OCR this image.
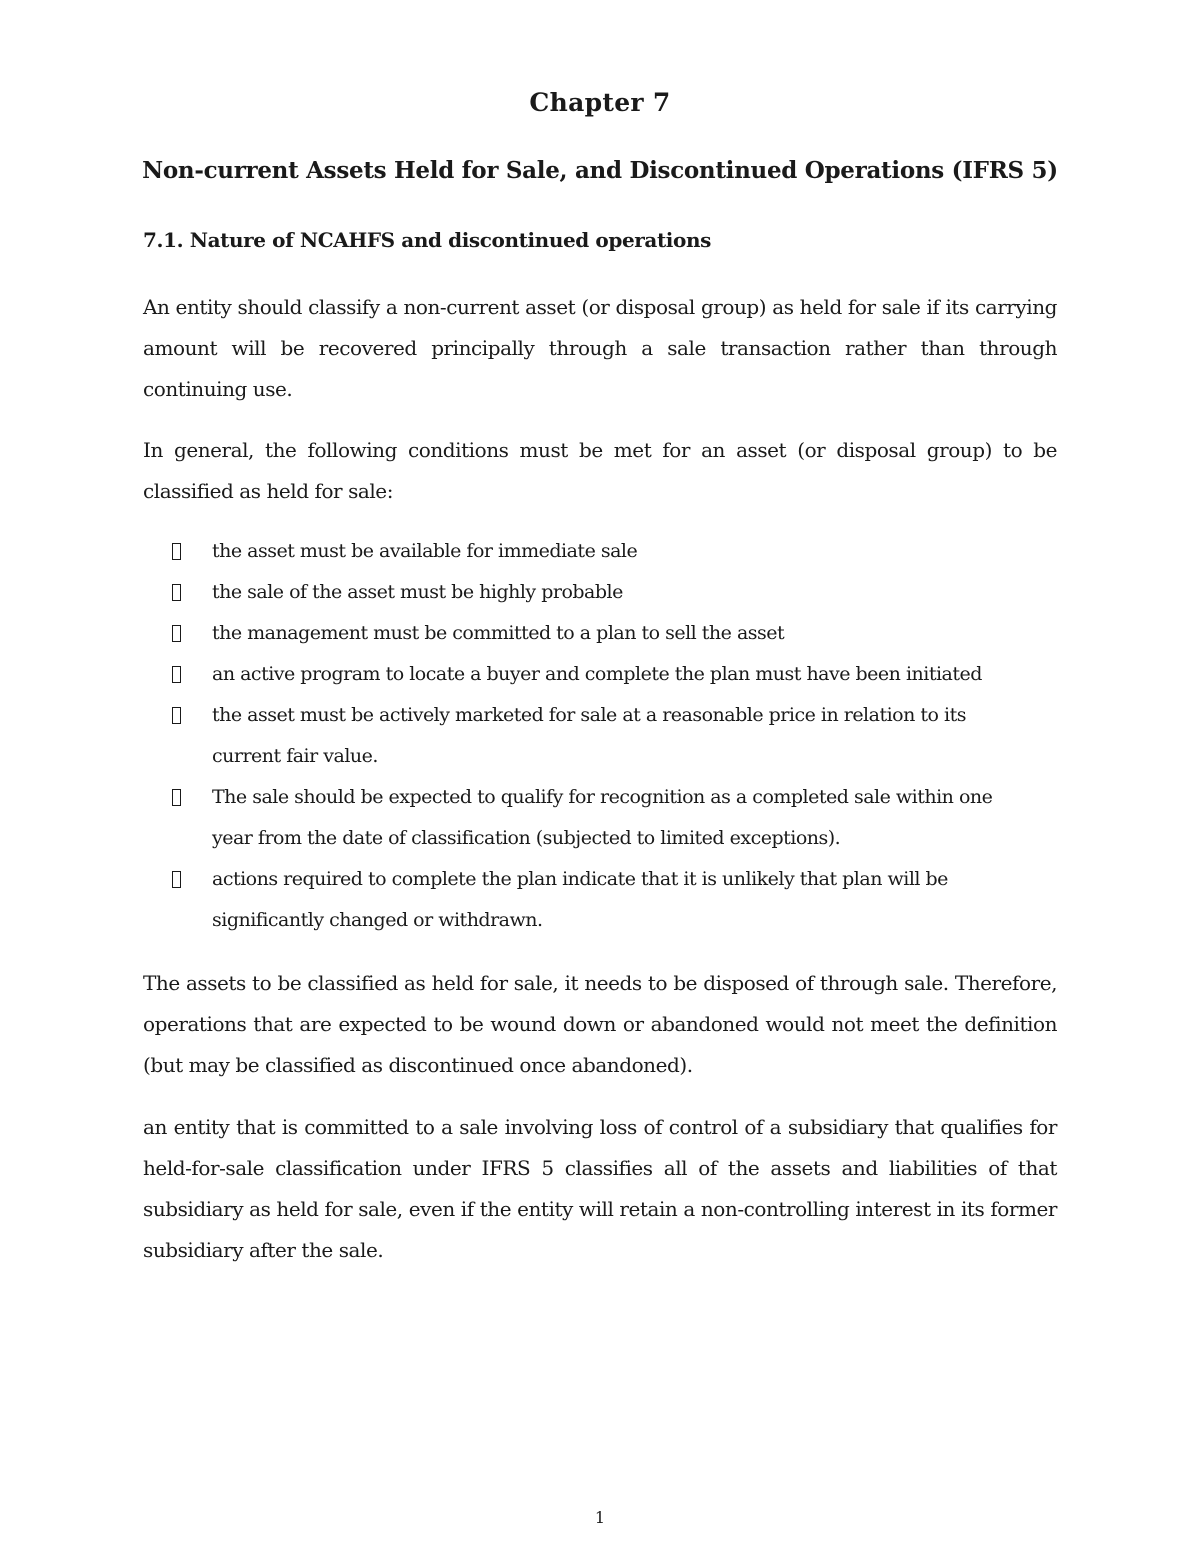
Chapter 7
Non-current Assets Held for Sale, and Discontinued Operations (IFRS 5)
7.1. Nature of NCAHFS and discontinued operations

An entity should classify a non-current asset (or disposal group) as held for sale if its carrying amount will be recovered principally through a sale transaction rather than through continuing use.

In general, the following conditions must be met for an asset (or disposal group) to be classified as held for sale:

the asset must be available for immediate sale
the sale of the asset must be highly probable
the management must be committed to a plan to sell the asset
an active program to locate a buyer and complete the plan must have been initiated
the asset must be actively marketed for sale at a reasonable price in relation to its current fair value.
The sale should be expected to qualify for recognition as a completed sale within one year from the date of classification (subjected to limited exceptions).
actions required to complete the plan indicate that it is unlikely that plan will be significantly changed or withdrawn.

The assets to be classified as held for sale, it needs to be disposed of through sale. Therefore, operations that are expected to be wound down or abandoned would not meet the definition (but may be classified as discontinued once abandoned).

an entity that is committed to a sale involving loss of control of a subsidiary that qualifies for held-for-sale classification under IFRS 5 classifies all of the assets and liabilities of that subsidiary as held for sale, even if the entity will retain a non-controlling interest in its former subsidiary after the sale.

1
